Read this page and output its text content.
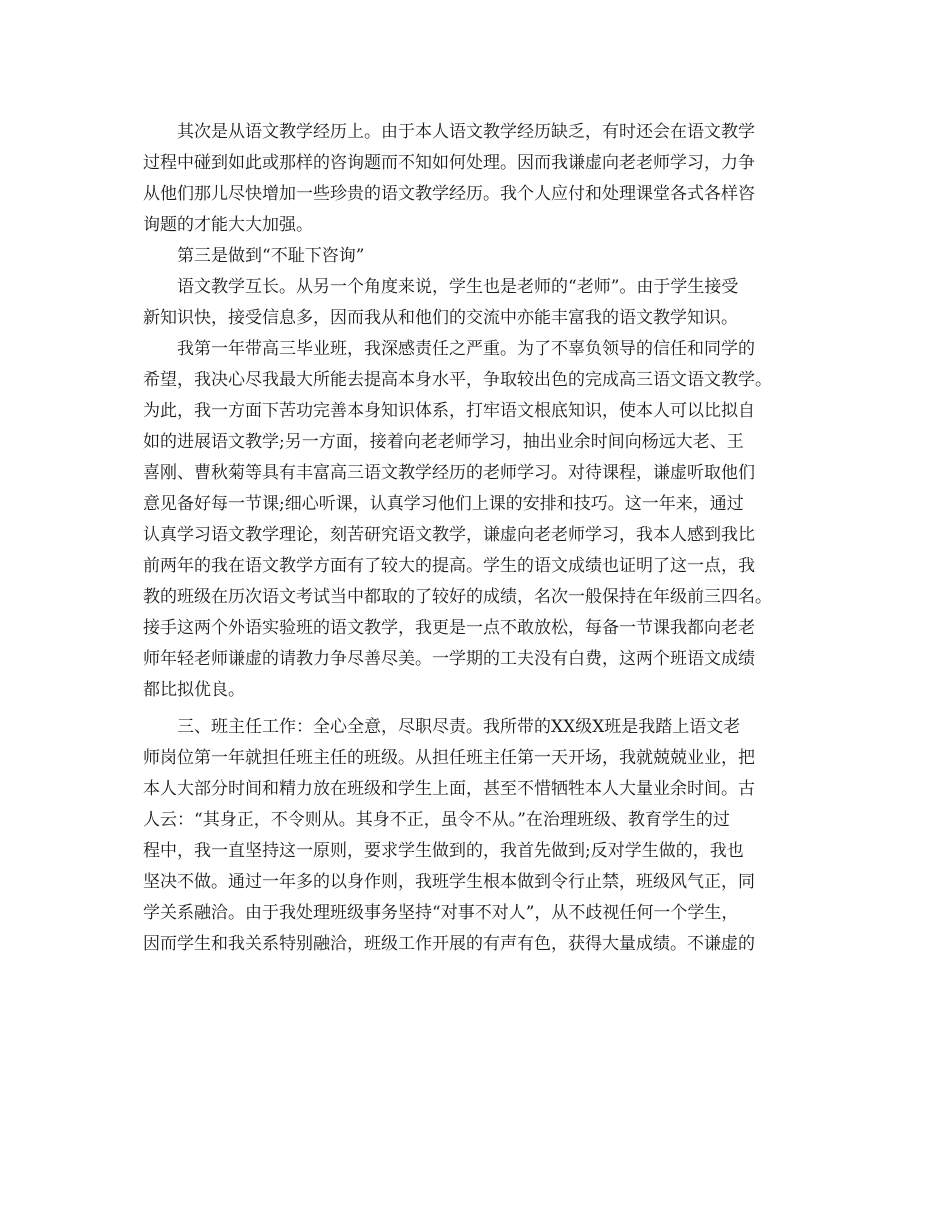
其次是从语文教学经历上。由于本人语文教学经历缺乏，有时还会在语文教学
过程中碰到如此或那样的咨询题而不知如何处理。因而我谦虚向老老师学习，力争
从他们那儿尽快增加一些珍贵的语文教学经历。我个人应付和处理课堂各式各样咨
询题的才能大大加强。
第三是做到“不耻下咨询”
语文教学互长。从另一个角度来说，学生也是老师的“老师”。由于学生接受
新知识快，接受信息多，因而我从和他们的交流中亦能丰富我的语文教学知识。
我第一年带高三毕业班，我深感责任之严重。为了不辜负领导的信任和同学的
希望，我决心尽我最大所能去提高本身水平，争取较出色的完成高三语文语文教学。
为此，我一方面下苦功完善本身知识体系，打牢语文根底知识，使本人可以比拟自
如的进展语文教学;另一方面，接着向老老师学习，抽出业余时间向杨远大老、王
喜刚、曹秋菊等具有丰富高三语文教学经历的老师学习。对待课程，谦虚听取他们
意见备好每一节课;细心听课，认真学习他们上课的安排和技巧。这一年来，通过
认真学习语文教学理论，刻苦研究语文教学，谦虚向老老师学习，我本人感到我比
前两年的我在语文教学方面有了较大的提高。学生的语文成绩也证明了这一点，我
教的班级在历次语文考试当中都取的了较好的成绩，名次一般保持在年级前三四名。
接手这两个外语实验班的语文教学，我更是一点不敢放松，每备一节课我都向老老
师年轻老师谦虚的请教力争尽善尽美。一学期的工夫没有白费，这两个班语文成绩
都比拟优良。
三、班主任工作：全心全意，尽职尽责。我所带的XX级X班是我踏上语文老
师岗位第一年就担任班主任的班级。从担任班主任第一天开场，我就兢兢业业，把
本人大部分时间和精力放在班级和学生上面，甚至不惜牺牲本人大量业余时间。古
人云：“其身正，不令则从。其身不正，虽令不从。”在治理班级、教育学生的过
程中，我一直坚持这一原则，要求学生做到的，我首先做到;反对学生做的，我也
坚决不做。通过一年多的以身作则，我班学生根本做到令行止禁，班级风气正，同
学关系融洽。由于我处理班级事务坚持“对事不对人”，从不歧视任何一个学生，
因而学生和我关系特别融洽，班级工作开展的有声有色，获得大量成绩。不谦虚的
